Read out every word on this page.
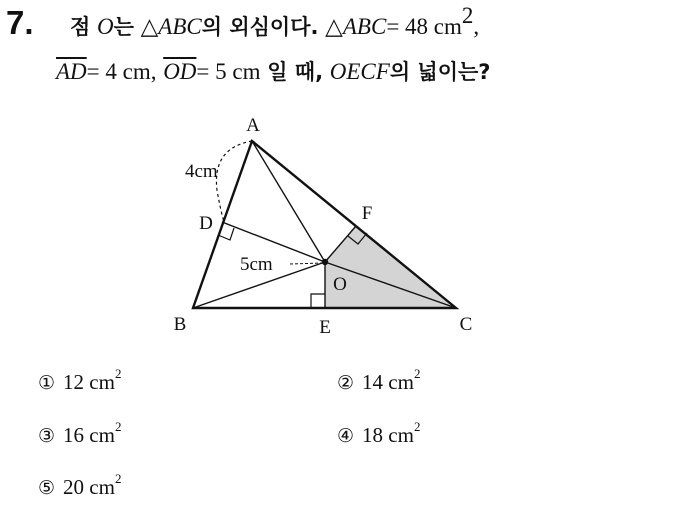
7. 점 O는 △ABC의 외심이다. △ABC= 48 $cm^2$,
$\overline{AD}= 4$ cm, $\overline{OD}= 5$ cm 일 때, OECF의 넓이는?
A
B	C
D
E
F
O
4cm
5cm
① 12 $cm^2$	② 14 $cm^2$
③ 16 $cm^2$	④ 18 $cm^2$
⑤ 20 $cm^2$
